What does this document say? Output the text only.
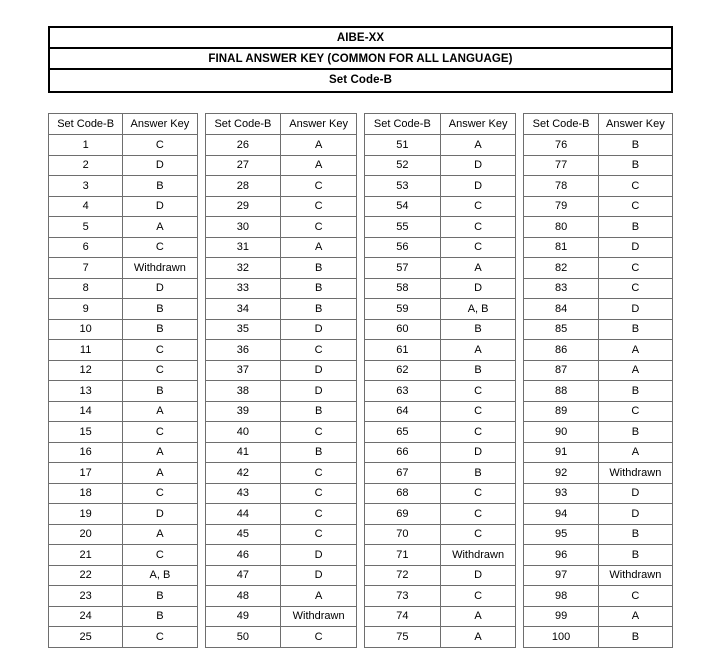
AIBE-XX
FINAL ANSWER KEY (COMMON FOR ALL LANGUAGE)
Set Code-B
Set Code-B	Answer Key
1	C
2	D
3	B
4	D
5	A
6	C
7	Withdrawn
8	D
9	B
10	B
11	C
12	C
13	B
14	A
15	C
16	A
17	A
18	C
19	D
20	A
21	C
22	A, B
23	B
24	B
25	C
Set Code-B	Answer Key
26	A
27	A
28	C
29	C
30	C
31	A
32	B
33	B
34	B
35	D
36	C
37	D
38	D
39	B
40	C
41	B
42	C
43	C
44	C
45	C
46	D
47	D
48	A
49	Withdrawn
50	C
Set Code-B	Answer Key
51	A
52	D
53	D
54	C
55	C
56	C
57	A
58	D
59	A, B
60	B
61	A
62	B
63	C
64	C
65	C
66	D
67	B
68	C
69	C
70	C
71	Withdrawn
72	D
73	C
74	A
75	A
Set Code-B	Answer Key
76	B
77	B
78	C
79	C
80	B
81	D
82	C
83	C
84	D
85	B
86	A
87	A
88	B
89	C
90	B
91	A
92	Withdrawn
93	D
94	D
95	B
96	B
97	Withdrawn
98	C
99	A
100	B
